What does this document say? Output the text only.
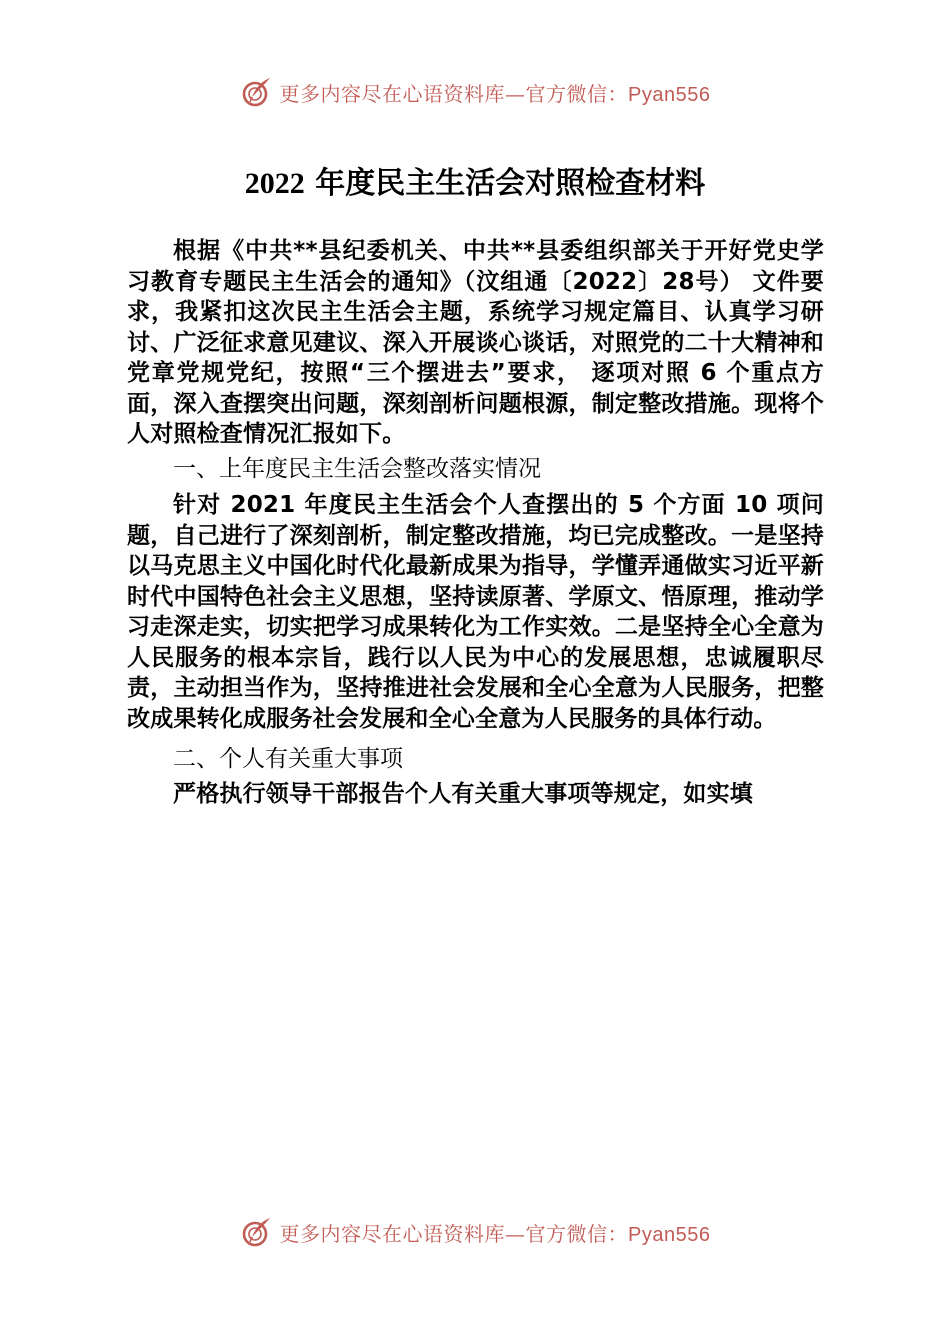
更多内容尽在心语资料库—官方微信：Pyan556
2022 年度民主生活会对照检查材料

根据《中共**县纪委机关、中共**县委组织部关于开好党史学习教育专题民主生活会的通知》（汶组通〔2022〕28号） 文件要求，我紧扣这次民主生活会主题，系统学习规定篇目、认真学习研讨、广泛征求意见建议、深入开展谈心谈话，对照党的二十大精神和党章党规党纪，按照“三个摆进去”要求， 逐项对照 6 个重点方面，深入查摆突出问题，深刻剖析问题根源，制定整改措施。现将个人对照检查情况汇报如下。

一、上年度民主生活会整改落实情况

针对 2021 年度民主生活会个人查摆出的 5 个方面 10 项问题，自己进行了深刻剖析，制定整改措施，均已完成整改。一是坚持以马克思主义中国化时代化最新成果为指导，学懂弄通做实习近平新时代中国特色社会主义思想，坚持读原著、学原文、悟原理，推动学习走深走实，切实把学习成果转化为工作实效。二是坚持全心全意为人民服务的根本宗旨，践行以人民为中心的发展思想，忠诚履职尽责，主动担当作为，坚持推进社会发展和全心全意为人民服务，把整改成果转化成服务社会发展和全心全意为人民服务的具体行动。

二、个人有关重大事项

严格执行领导干部报告个人有关重大事项等规定，如实填

更多内容尽在心语资料库—官方微信：Pyan556
